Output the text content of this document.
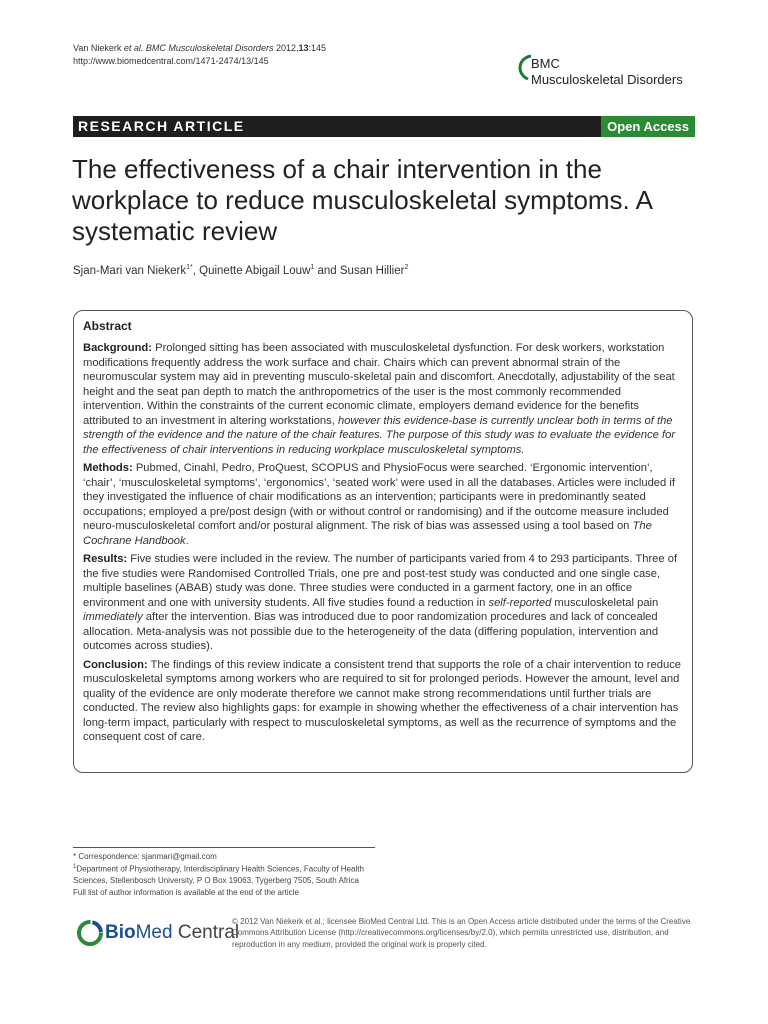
Van Niekerk et al. BMC Musculoskeletal Disorders 2012,13:145
http://www.biomedcentral.com/1471-2474/13/145	BMC
Musculoskeletal Disorders
RESEARCH ARTICLE	Open Access
The effectiveness of a chair intervention in the workplace to reduce musculoskeletal symptoms. A systematic review
Sjan-Mari van Niekerk$^{1*}$, Quinette Abigail Louw$^1$ and Susan Hillier$^2$
Abstract

Background: Prolonged sitting has been associated with musculoskeletal dysfunction. For desk workers, workstation modifications frequently address the work surface and chair. Chairs which can prevent abnormal strain of the neuromuscular system may aid in preventing musculo-skeletal pain and discomfort. Anecdotally, adjustability of the seat height and the seat pan depth to match the anthropometrics of the user is the most commonly recommended intervention. Within the constraints of the current economic climate, employers demand evidence for the benefits attributed to an investment in altering workstations, however this evidence-base is currently unclear both in terms of the strength of the evidence and the nature of the chair features. The purpose of this study was to evaluate the evidence for the effectiveness of chair interventions in reducing workplace musculoskeletal symptoms.

Methods: Pubmed, Cinahl, Pedro, ProQuest, SCOPUS and PhysioFocus were searched. ‘Ergonomic intervention’, ‘chair’, ‘musculoskeletal symptoms’, ‘ergonomics’, ‘seated work’ were used in all the databases. Articles were included if they investigated the influence of chair modifications as an intervention; participants were in predominantly seated occupations; employed a pre/post design (with or without control or randomising) and if the outcome measure included neuro-musculoskeletal comfort and/or postural alignment. The risk of bias was assessed using a tool based on The Cochrane Handbook.

Results: Five studies were included in the review. The number of participants varied from 4 to 293 participants. Three of the five studies were Randomised Controlled Trials, one pre and post-test study was conducted and one single case, multiple baselines (ABAB) study was done. Three studies were conducted in a garment factory, one in an office environment and one with university students. All five studies found a reduction in self-reported musculoskeletal pain immediately after the intervention. Bias was introduced due to poor randomization procedures and lack of concealed allocation. Meta-analysis was not possible due to the heterogeneity of the data (differing population, intervention and outcomes across studies).

Conclusion: The findings of this review indicate a consistent trend that supports the role of a chair intervention to reduce musculoskeletal symptoms among workers who are required to sit for prolonged periods. However the amount, level and quality of the evidence are only moderate therefore we cannot make strong recommendations until further trials are conducted. The review also highlights gaps: for example in showing whether the effectiveness of a chair intervention has long-term impact, particularly with respect to musculoskeletal symptoms, as well as the recurrence of symptoms and the consequent cost of care.

* Correspondence: sjanmari@gmail.com
$^1$Department of Physiotherapy, Interdisciplinary Health Sciences, Faculty of Health Sciences, Stellenbosch University, P O Box 19063, Tygerberg 7505, South Africa
Full list of author information is available at the end of the article
BioMed Central
© 2012 Van Niekerk et al.; licensee BioMed Central Ltd. This is an Open Access article distributed under the terms of the Creative Commons Attribution License (http://creativecommons.org/licenses/by/2.0), which permits unrestricted use, distribution, and reproduction in any medium, provided the original work is properly cited.
